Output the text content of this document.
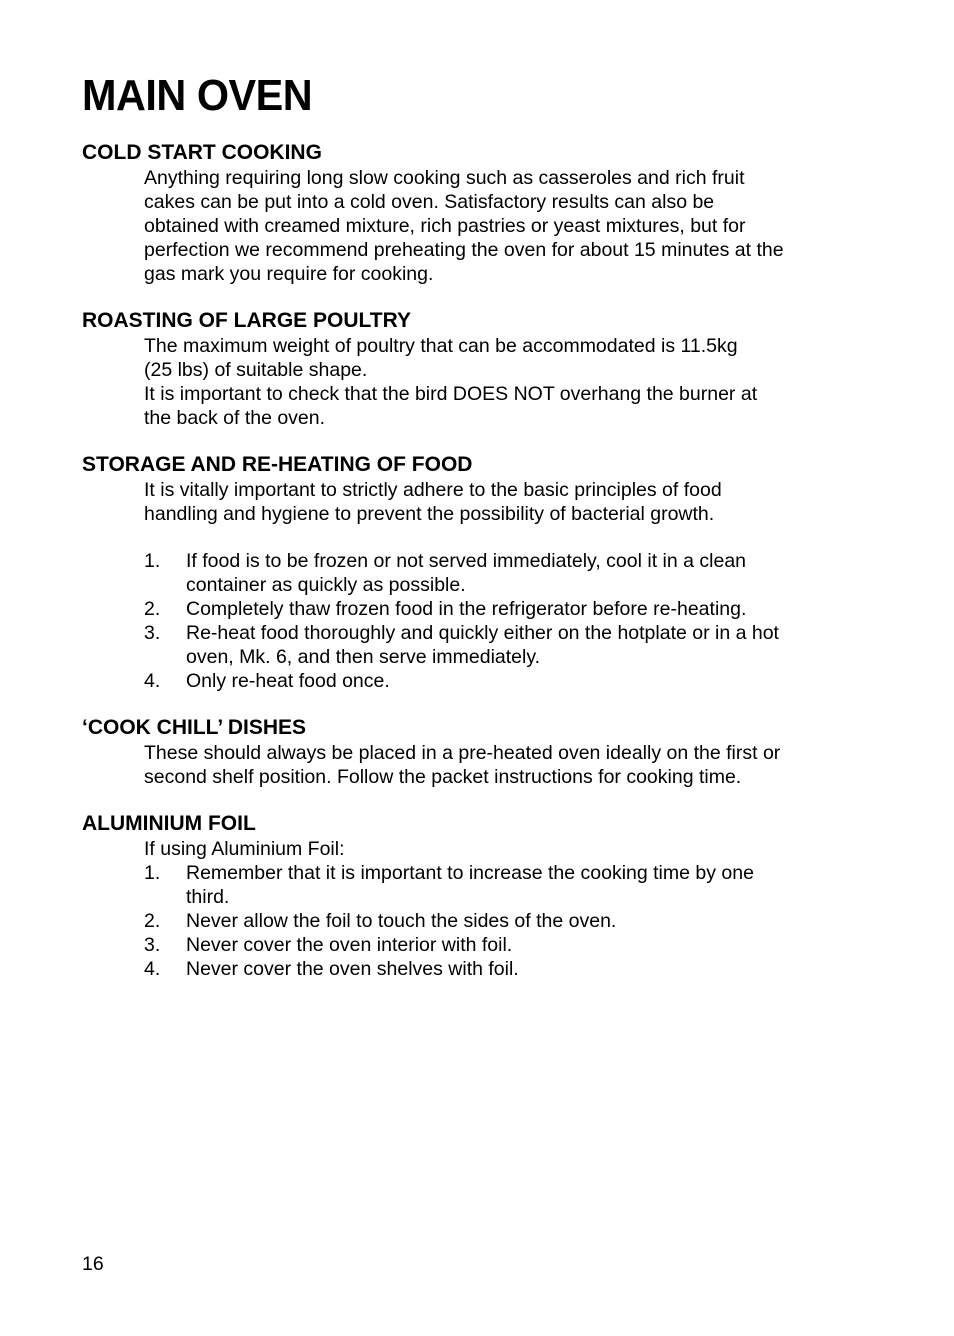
MAIN OVEN
COLD START COOKING
Anything requiring long slow cooking such as casseroles and rich fruit
cakes can be put into a cold oven. Satisfactory results can also be
obtained with creamed mixture, rich pastries or yeast mixtures, but for
perfection we recommend preheating the oven for about 15 minutes at the
gas mark you require for cooking.
ROASTING OF LARGE POULTRY
The maximum weight of poultry that can be accommodated is 11.5kg
(25 lbs) of suitable shape.
It is important to check that the bird DOES NOT overhang the burner at
the back of the oven.
STORAGE AND RE-HEATING OF FOOD
It is vitally important to strictly adhere to the basic principles of food
handling and hygiene to prevent the possibility of bacterial growth.
1. If food is to be frozen or not served immediately, cool it in a clean
container as quickly as possible.
2. Completely thaw frozen food in the refrigerator before re-heating.
3. Re-heat food thoroughly and quickly either on the hotplate or in a hot
oven, Mk. 6, and then serve immediately.
4. Only re-heat food once.
‘COOK CHILL’ DISHES
These should always be placed in a pre-heated oven ideally on the first or
second shelf position. Follow the packet instructions for cooking time.
ALUMINIUM FOIL
If using Aluminium Foil:
1. Remember that it is important to increase the cooking time by one
third.
2. Never allow the foil to touch the sides of the oven.
3. Never cover the oven interior with foil.
4. Never cover the oven shelves with foil.
16
